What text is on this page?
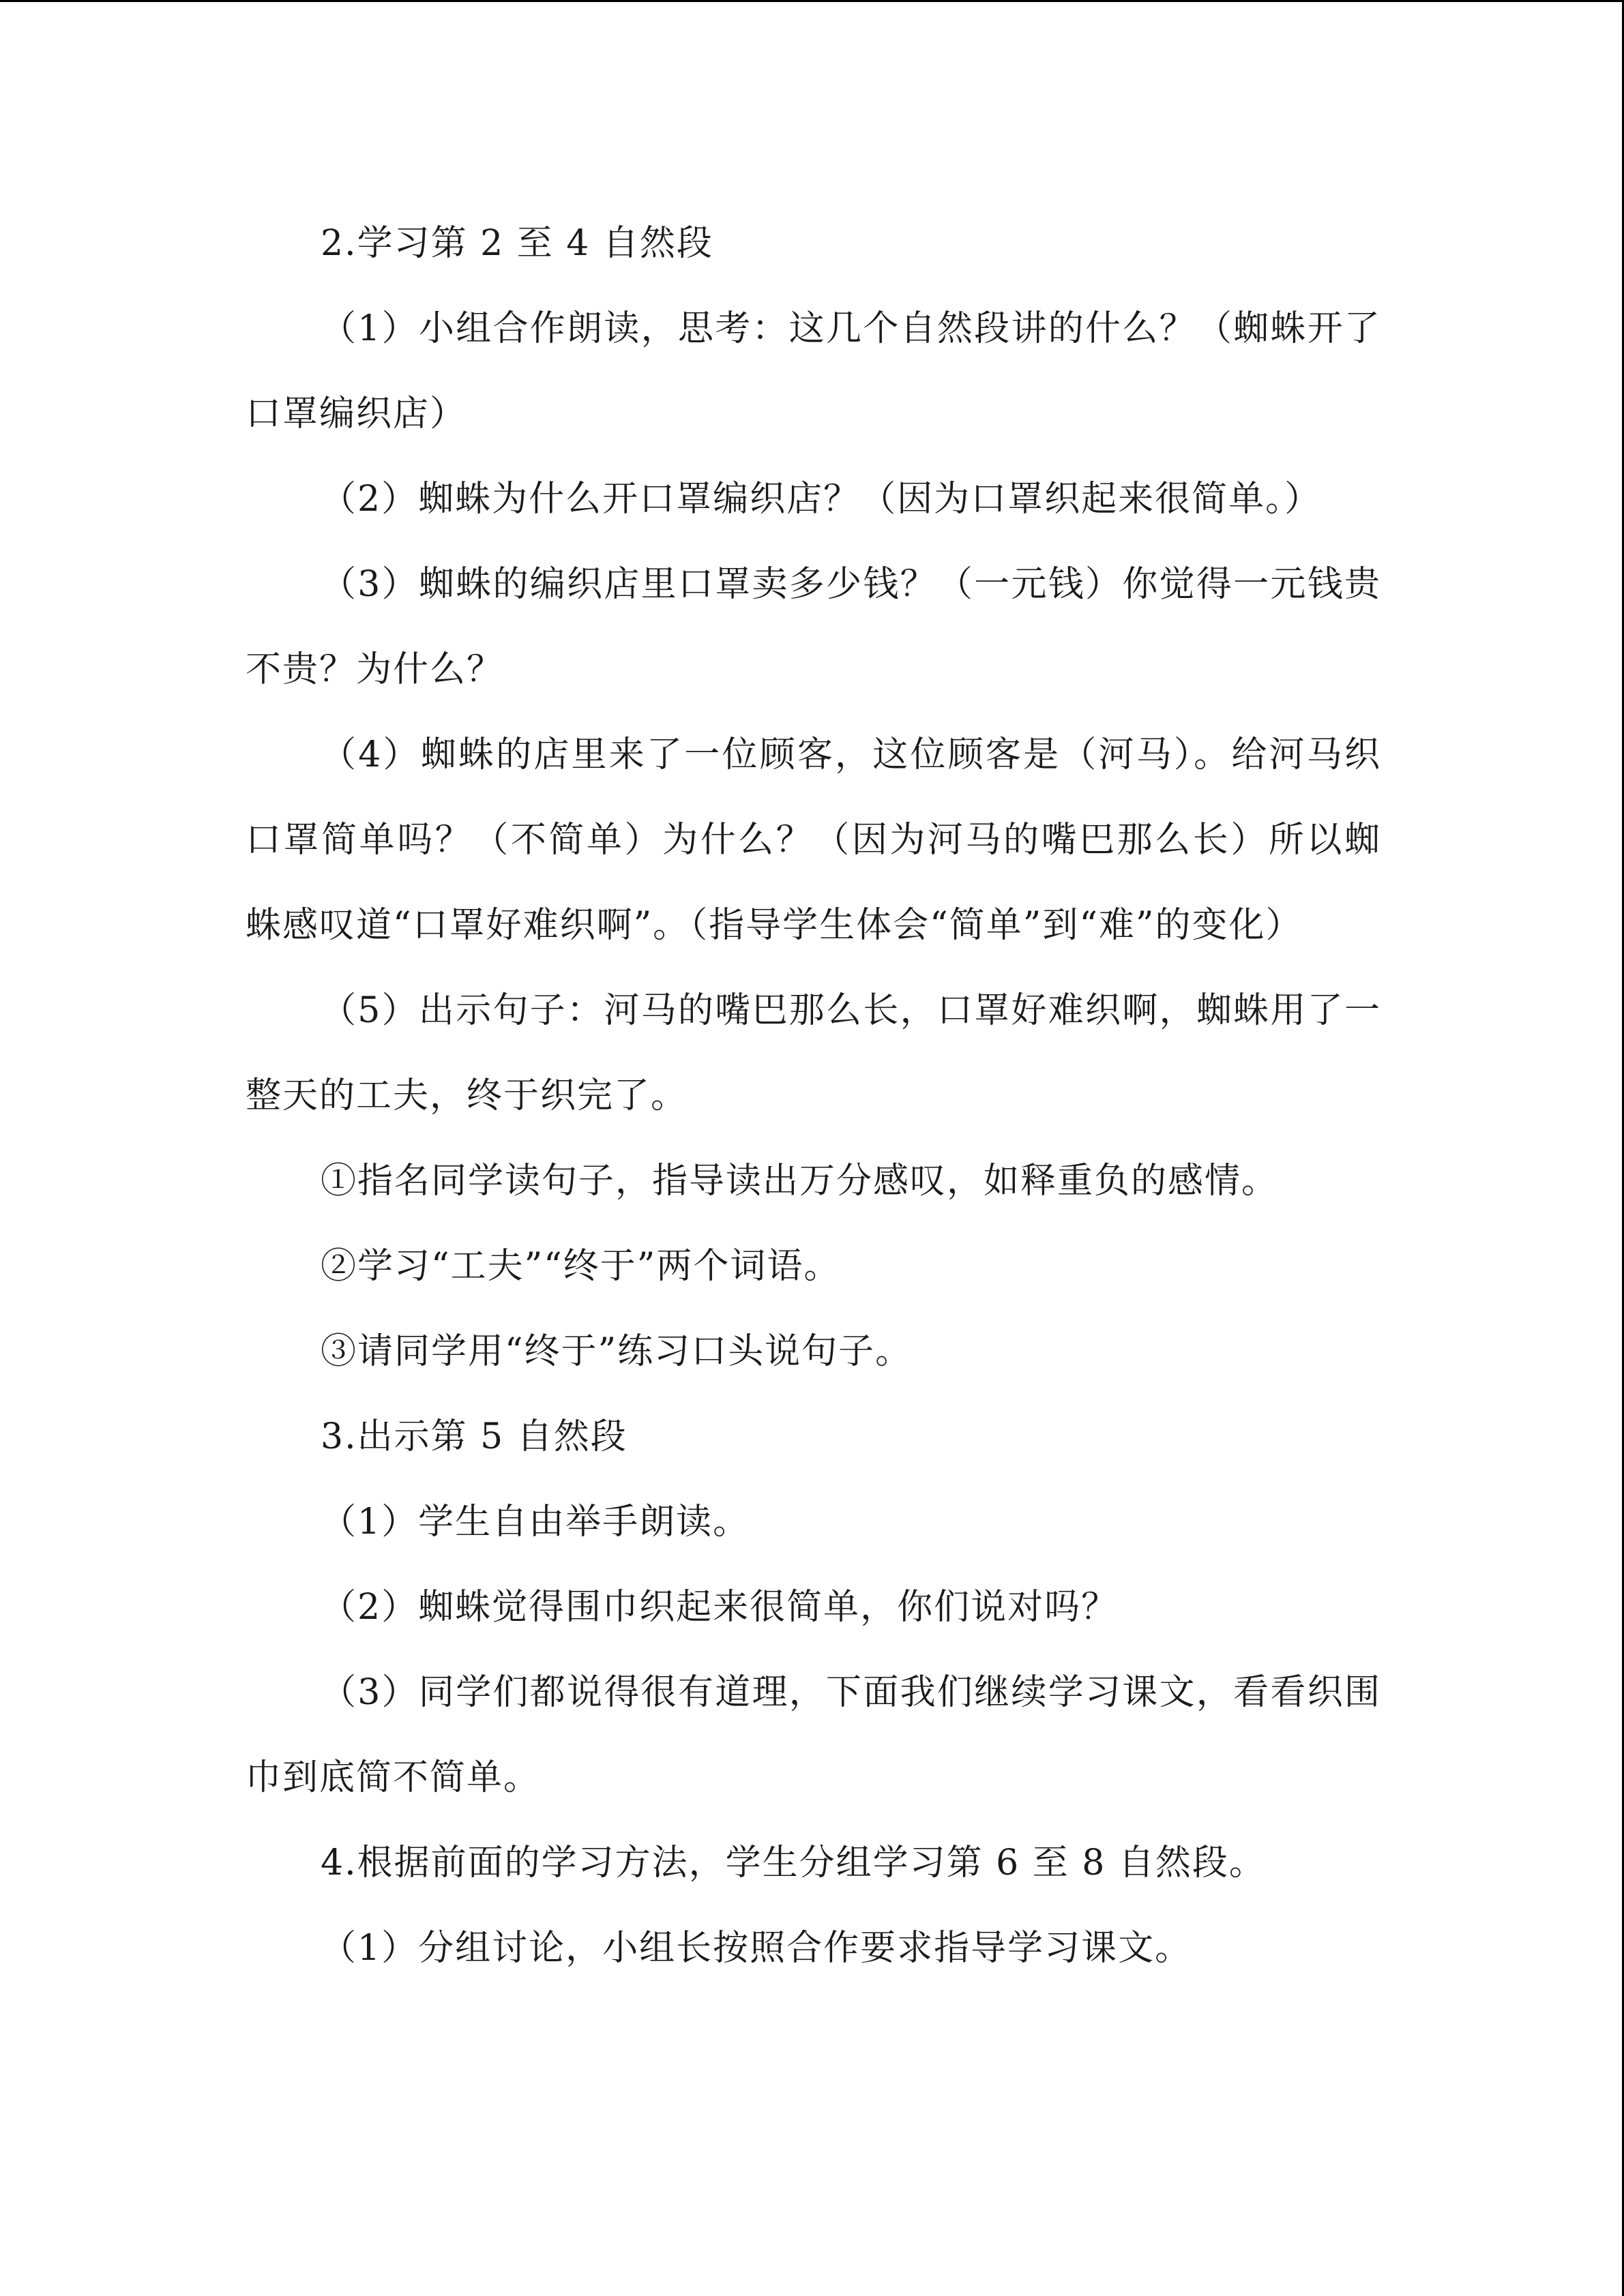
2.学习第 2 至 4 自然段

（1）小组合作朗读，思考：这几个自然段讲的什么？（蜘蛛开了口罩编织店）

（2）蜘蛛为什么开口罩编织店？（因为口罩织起来很简单。）

（3）蜘蛛的编织店里口罩卖多少钱？（一元钱）你觉得一元钱贵不贵？为什么？

（4）蜘蛛的店里来了一位顾客，这位顾客是（河马）。给河马织口罩简单吗？（不简单）为什么？（因为河马的嘴巴那么长）所以蜘蛛感叹道“口罩好难织啊”。（指导学生体会“简单”到“难”的变化）

（5）出示句子：河马的嘴巴那么长，口罩好难织啊，蜘蛛用了一整天的工夫，终于织完了。

①指名同学读句子，指导读出万分感叹，如释重负的感情。

②学习“工夫”“终于”两个词语。

③请同学用“终于”练习口头说句子。

3.出示第 5 自然段

（1）学生自由举手朗读。

（2）蜘蛛觉得围巾织起来很简单，你们说对吗？

（3）同学们都说得很有道理，下面我们继续学习课文，看看织围巾到底简不简单。

4.根据前面的学习方法，学生分组学习第 6 至 8 自然段。

（1）分组讨论，小组长按照合作要求指导学习课文。
